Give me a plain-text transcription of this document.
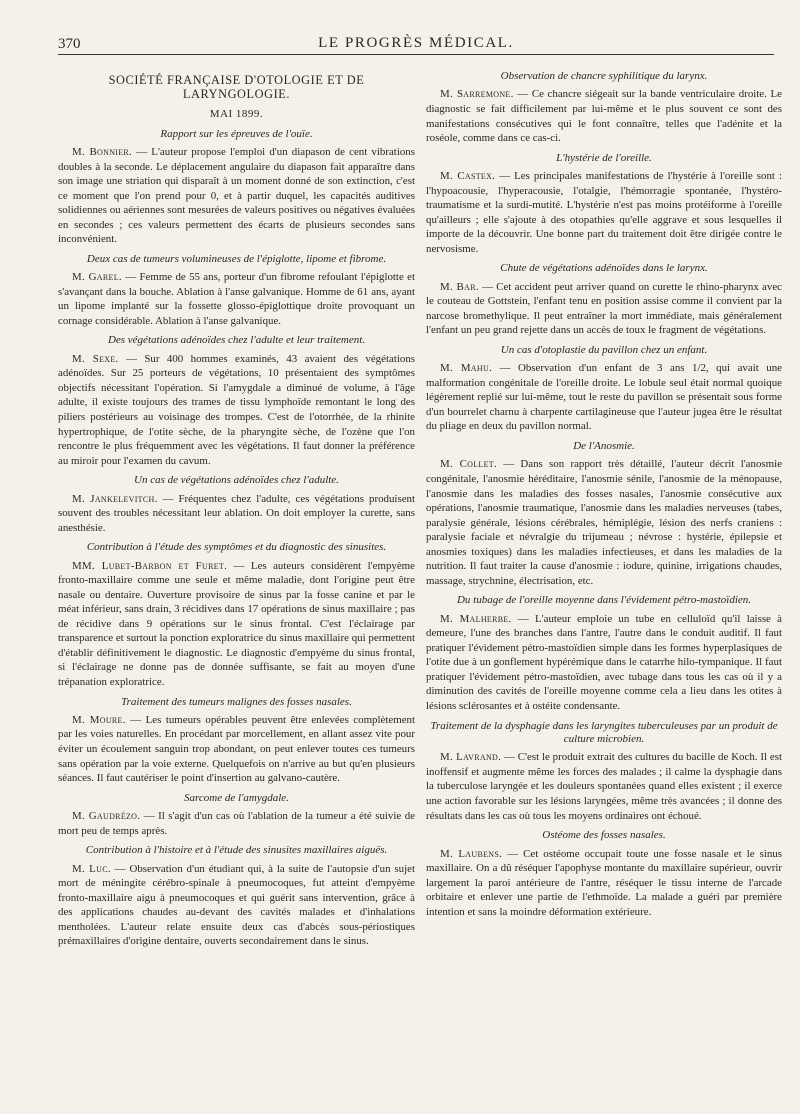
370	LE PROGRÈS MÉDICAL.
SOCIÉTÉ FRANÇAISE D'OTOLOGIE ET DE LARYNGOLOGIE.
MAI 1899.
Rapport sur les épreuves de l'ouïe.

M. Bonnier. — L'auteur propose l'emploi d'un diapason de cent vibrations doubles à la seconde. Le déplacement angulaire du diapason fait apparaître dans son image une striation qui disparaît à un moment donné de son extinction, c'est ce moment que l'on prend pour 0, et à partir duquel, les capacités auditives solidiennes ou aériennes sont mesurées de valeurs positives ou négatives évaluées en secondes ; ces valeurs permettent des écarts de plusieurs secondes sans inconvénient.

Deux cas de tumeurs volumineuses de l'épiglotte, lipome et fibrome.

M. Garel. — Femme de 55 ans, porteur d'un fibrome refoulant l'épiglotte et s'avançant dans la bouche. Ablation à l'anse galvanique. Homme de 61 ans, ayant un lipome implanté sur la fossette glosso-épiglottique droite provoquant un cornage considérable. Ablation à l'anse galvanique.

Des végétations adénoïdes chez l'adulte et leur traitement.

M. Sexe. — Sur 400 hommes examinés, 43 avaient des végétations adénoïdes. Sur 25 porteurs de végétations, 10 présentaient des symptômes objectifs nécessitant l'opération. Si l'amygdale a diminué de volume, à l'âge adulte, il existe toujours des trames de tissu lymphoïde remontant le long des piliers postérieurs au voisinage des trompes. C'est de l'otorrhée, de la rhinite hypertrophique, de l'otite sèche, de la pharyngite sèche, de l'ozène que l'on rencontre le plus fréquemment avec les végétations. Il faut donner la préférence au miroir pour l'examen du cavum.

Un cas de végétations adénoïdes chez l'adulte.

M. Jankelevitch. — Fréquentes chez l'adulte, ces végétations produisent souvent des troubles nécessitant leur ablation. On doit employer la curette, sans anesthésie.

Contribution à l'étude des symptômes et du diagnostic des sinusites.

MM. Lubet-Barbon et Furet. — Les auteurs considèrent l'empyème fronto-maxillaire comme une seule et même maladie, dont l'origine peut être nasale ou dentaire. Ouverture provisoire de sinus par la fosse canine et par le méat inférieur, sans drain, 3 récidives dans 17 opérations de sinus maxillaire ; pas de récidive dans 9 opérations sur le sinus frontal. C'est l'éclairage par transparence et surtout la ponction exploratrice du sinus maxillaire qui permettent d'établir définitivement le diagnostic. Le diagnostic d'empyème du sinus frontal, si l'éclairage ne donne pas de donnée suffisante, se fait au moyen d'une trépanation exploratrice.

Traitement des tumeurs malignes des fosses nasales.

M. Moure. — Les tumeurs opérables peuvent être enlevées complètement par les voies naturelles. En procédant par morcellement, en allant assez vite pour éviter un écoulement sanguin trop abondant, on peut enlever toutes ces tumeurs sans opération par la voie externe. Quelquefois on n'arrive au but qu'en plusieurs séances. Il faut cautériser le point d'insertion au galvano-cautère.

Sarcome de l'amygdale.

M. Gaudrézo. — Il s'agit d'un cas où l'ablation de la tumeur a été suivie de mort peu de temps après.

Contribution à l'histoire et à l'étude des sinusites maxillaires aiguës.

M. Luc. — Observation d'un étudiant qui, à la suite de l'autopsie d'un sujet mort de méningite cérébro-spinale à pneumocoques, fut atteint d'empyème fronto-maxillaire aigu à pneumocoques et qui guérit sans intervention, grâce à des applications chaudes au-devant des cavités malades et d'inhalations mentholées. L'auteur relate ensuite deux cas d'abcès sous-périostiques prémaxillaires d'origine dentaire, ouverts secondairement dans le sinus.

Observation de chancre syphilitique du larynx.

M. Sarremone. — Ce chancre siégeait sur la bande ventriculaire droite. Le diagnostic se fait difficilement par lui-même et le plus souvent ce sont des manifestations consécutives qui le font connaître, telles que l'adénite et la roséole, comme dans ce cas-ci.

L'hystérie de l'oreille.

M. Castex. — Les principales manifestations de l'hystérie à l'oreille sont : l'hypoacousie, l'hyperacousie, l'otalgie, l'hémorragie spontanée, l'hystéro-traumatisme et la surdi-mutité. L'hystérie n'est pas moins protéiforme à l'oreille qu'ailleurs ; elle s'ajoute à des otopathies qu'elle aggrave et sous lesquelles il importe de la découvrir. Une bonne part du traitement doit être dirigée contre le nervosisme.

Chute de végétations adénoïdes dans le larynx.

M. Bar. — Cet accident peut arriver quand on curette le rhino-pharynx avec le couteau de Gottstein, l'enfant tenu en position assise comme il convient par la narcose bromethylique. Il peut entraîner la mort immédiate, mais généralement l'enfant un peu grand rejette dans un accès de toux le fragment de végétations.

Un cas d'otoplastie du pavillon chez un enfant.

M. Mahu. — Observation d'un enfant de 3 ans 1/2, qui avait une malformation congénitale de l'oreille droite. Le lobule seul était normal quoique légèrement replié sur lui-même, tout le reste du pavillon se présentait sous forme d'un bourrelet charnu à charpente cartilagineuse que l'auteur jugea être le résultat du pliage en deux du pavillon normal.

De l'Anosmie.

M. Collet. — Dans son rapport très détaillé, l'auteur décrit l'anosmie congénitale, l'anosmie héréditaire, l'anosmie sénile, l'anosmie de la ménopause, l'anosmie dans les maladies des fosses nasales, l'anosmie consécutive aux opérations, l'anosmie traumatique, l'anosmie dans les maladies nerveuses (tabes, paralysie générale, lésions cérébrales, hémiplégie, lésion des nerfs craniens : paralysie faciale et névralgie du trijumeau ; névrose : hystérie, épilepsie et anosmies toxiques) dans les maladies infectieuses, et dans les maladies de la nutrition. Il faut traiter la cause d'anosmie : iodure, quinine, irrigations chaudes, massage, strychnine, électrisation, etc.

Du tubage de l'oreille moyenne dans l'évidement pétro-mastoïdien.

M. Malherbe. — L'auteur emploie un tube en celluloïd qu'il laisse à demeure, l'une des branches dans l'antre, l'autre dans le conduit auditif. Il faut pratiquer l'évidement pétro-mastoïdien simple dans les formes hyperplasiques de l'otite due à un gonflement hypérémique dans le catarrhe hilo-tympanique. Il faut pratiquer l'évidement pétro-mastoïdien, avec tubage dans tous les cas où il y a diminution des cavités de l'oreille moyenne comme cela a lieu dans les otites à lésions sclérosantes et à ostéite condensante.

Traitement de la dysphagie dans les laryngites tuberculeuses par un produit de culture microbien.

M. Lavrand. — C'est le produit extrait des cultures du bacille de Koch. Il est inoffensif et augmente même les forces des malades ; il calme la dysphagie dans la tuberculose laryngée et les douleurs spontanées quand elles existent ; il exerce une action favorable sur les lésions laryngées, même très avancées ; il donne des résultats dans les cas où tous les moyens ordinaires ont échoué.

Ostéome des fosses nasales.

M. Laubens. — Cet ostéome occupait toute une fosse nasale et le sinus maxillaire. On a dû réséquer l'apophyse montante du maxillaire supérieur, ouvrir largement la paroi antérieure de l'antre, réséquer le tissu interne de l'arcade orbitaire et enlever une partie de l'ethmoïde. La malade a guéri par première intention et sans la moindre déformation extérieure.
